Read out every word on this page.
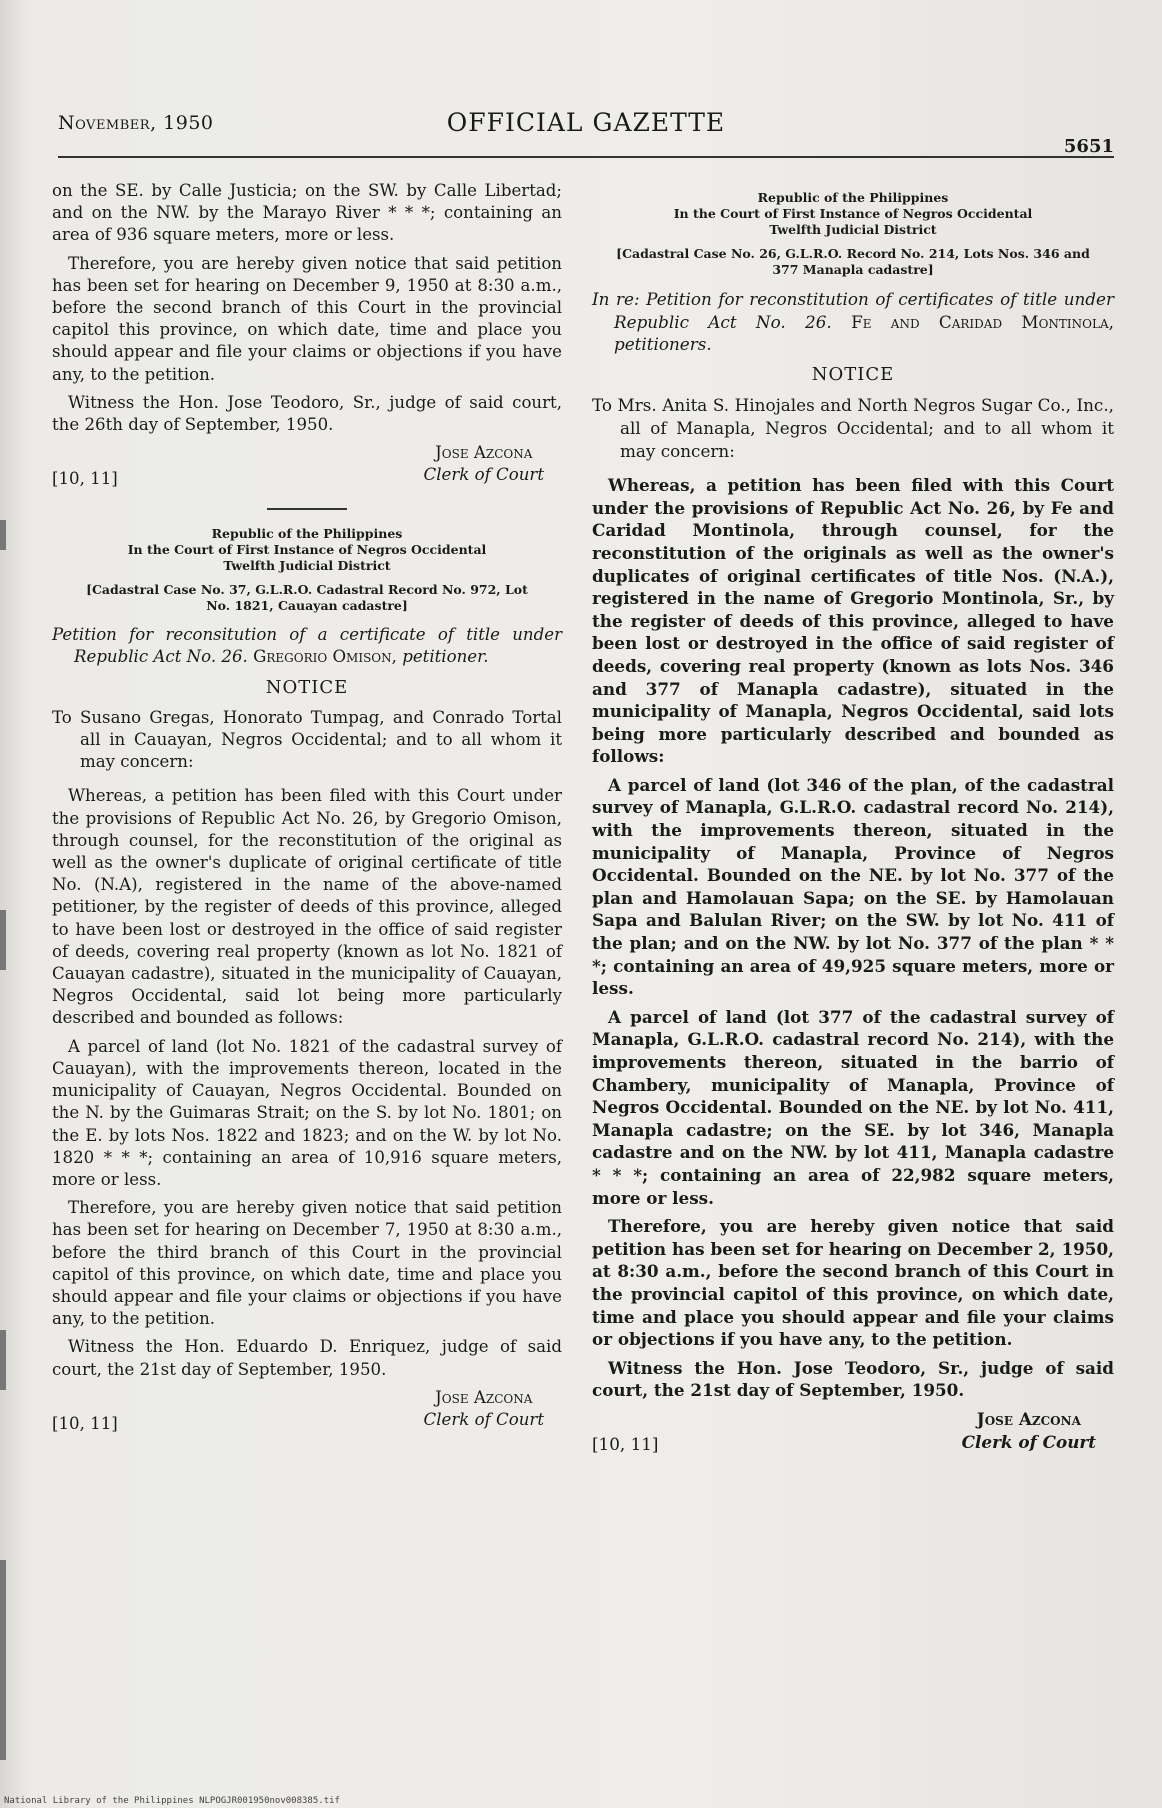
November, 1950	OFFICIAL GAZETTE
5651

on the SE. by Calle Justicia; on the SW. by Calle Libertad; and on the NW. by the Marayo River * * *; containing an area of 936 square meters, more or less.

Therefore, you are hereby given notice that said petition has been set for hearing on December 9, 1950 at 8:30 a.m., before the second branch of this Court in the provincial capitol this province, on which date, time and place you should appear and file your claims or objections if you have any, to the petition.

Witness the Hon. Jose Teodoro, Sr., judge of said court, the 26th day of September, 1950.

[10, 11]
Jose Azcona
Clerk of Court
Republic of the Philippines
In the Court of First Instance of Negros Occidental
Twelfth Judicial District
[Cadastral Case No. 37, G.L.R.O. Cadastral Record No. 972, Lot No. 1821, Cauayan cadastre]
Petition for reconsitution of a certificate of title under Republic Act No. 26. Gregorio Omison, petitioner.
NOTICE
To Susano Gregas, Honorato Tumpag, and Conrado Tortal all in Cauayan, Negros Occidental; and to all whom it may concern:

Whereas, a petition has been filed with this Court under the provisions of Republic Act No. 26, by Gregorio Omison, through counsel, for the reconstitution of the original as well as the owner's duplicate of original certificate of title No. (N.A), registered in the name of the above-named petitioner, by the register of deeds of this province, alleged to have been lost or destroyed in the office of said register of deeds, covering real property (known as lot No. 1821 of Cauayan cadastre), situated in the municipality of Cauayan, Negros Occidental, said lot being more particularly described and bounded as follows:

A parcel of land (lot No. 1821 of the cadastral survey of Cauayan), with the improvements thereon, located in the municipality of Cauayan, Negros Occidental. Bounded on the N. by the Guimaras Strait; on the S. by lot No. 1801; on the E. by lots Nos. 1822 and 1823; and on the W. by lot No. 1820 * * *; containing an area of 10,916 square meters, more or less.

Therefore, you are hereby given notice that said petition has been set for hearing on December 7, 1950 at 8:30 a.m., before the third branch of this Court in the provincial capitol of this province, on which date, time and place you should appear and file your claims or objections if you have any, to the petition.

Witness the Hon. Eduardo D. Enriquez, judge of said court, the 21st day of September, 1950.

[10, 11]
Jose Azcona
Clerk of Court
Republic of the Philippines
In the Court of First Instance of Negros Occidental
Twelfth Judicial District
[Cadastral Case No. 26, G.L.R.O. Record No. 214, Lots Nos. 346 and 377 Manapla cadastre]
In re: Petition for reconstitution of certificates of title under Republic Act No. 26. Fe and Caridad Montinola, petitioners.
NOTICE
To Mrs. Anita S. Hinojales and North Negros Sugar Co., Inc., all of Manapla, Negros Occidental; and to all whom it may concern:

Whereas, a petition has been filed with this Court under the provisions of Republic Act No. 26, by Fe and Caridad Montinola, through counsel, for the reconstitution of the originals as well as the owner's duplicates of original certificates of title Nos. (N.A.), registered in the name of Gregorio Montinola, Sr., by the register of deeds of this province, alleged to have been lost or destroyed in the office of said register of deeds, covering real property (known as lots Nos. 346 and 377 of Manapla cadastre), situated in the municipality of Manapla, Negros Occidental, said lots being more particularly described and bounded as follows:

A parcel of land (lot 346 of the plan, of the cadastral survey of Manapla, G.L.R.O. cadastral record No. 214), with the improvements thereon, situated in the municipality of Manapla, Province of Negros Occidental. Bounded on the NE. by lot No. 377 of the plan and Hamolauan Sapa; on the SE. by Hamolauan Sapa and Balulan River; on the SW. by lot No. 411 of the plan; and on the NW. by lot No. 377 of the plan * * *; containing an area of 49,925 square meters, more or less.

A parcel of land (lot 377 of the cadastral survey of Manapla, G.L.R.O. cadastral record No. 214), with the improvements thereon, situated in the barrio of Chambery, municipality of Manapla, Province of Negros Occidental. Bounded on the NE. by lot No. 411, Manapla cadastre; on the SE. by lot 346, Manapla cadastre and on the NW. by lot 411, Manapla cadastre * * *; containing an area of 22,982 square meters, more or less.

Therefore, you are hereby given notice that said petition has been set for hearing on December 2, 1950, at 8:30 a.m., before the second branch of this Court in the provincial capitol of this province, on which date, time and place you should appear and file your claims or objections if you have any, to the petition.

Witness the Hon. Jose Teodoro, Sr., judge of said court, the 21st day of September, 1950.

[10, 11]
Jose Azcona
Clerk of Court
National Library of the Philippines NLPOGJR001950nov008385.tif
